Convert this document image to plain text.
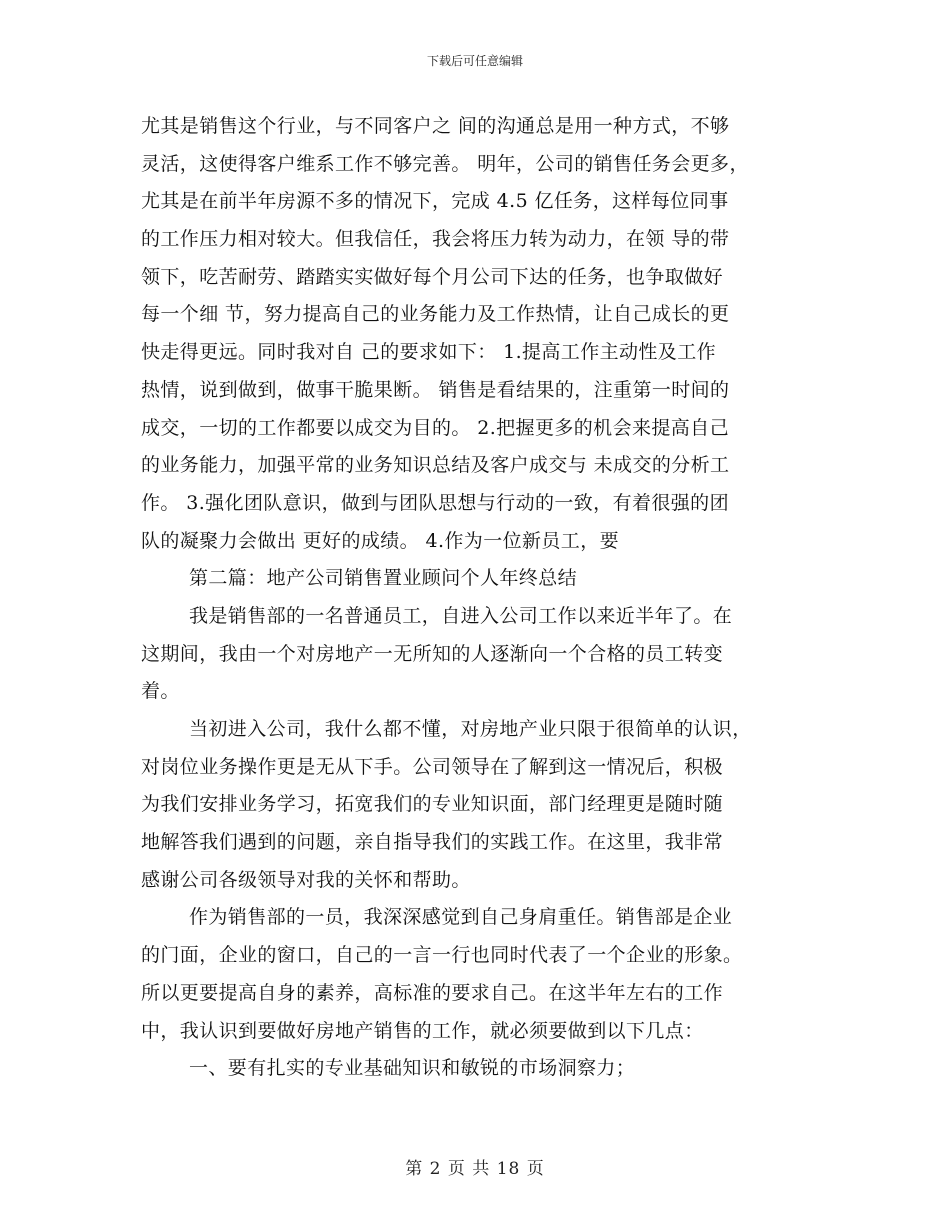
下载后可任意编辑
尤其是销售这个行业，与不同客户之 间的沟通总是用一种方式，不够
灵活，这使得客户维系工作不够完善。 明年，公司的销售任务会更多，
尤其是在前半年房源不多的情况下，完成 4.5 亿任务，这样每位同事
的工作压力相对较大。但我信任，我会将压力转为动力，在领 导的带
领下，吃苦耐劳、踏踏实实做好每个月公司下达的任务，也争取做好
每一个细 节，努力提高自己的业务能力及工作热情，让自己成长的更
快走得更远。同时我对自 己的要求如下： 1.提高工作主动性及工作
热情，说到做到，做事干脆果断。 销售是看结果的，注重第一时间的
成交，一切的工作都要以成交为目的。 2.把握更多的机会来提高自己
的业务能力，加强平常的业务知识总结及客户成交与 未成交的分析工
作。 3.强化团队意识，做到与团队思想与行动的一致，有着很强的团
队的凝聚力会做出 更好的成绩。 4.作为一位新员工，要
第二篇：地产公司销售置业顾问个人年终总结
我是销售部的一名普通员工，自进入公司工作以来近半年了。在
这期间，我由一个对房地产一无所知的人逐渐向一个合格的员工转变
着。
当初进入公司，我什么都不懂，对房地产业只限于很简单的认识，
对岗位业务操作更是无从下手。公司领导在了解到这一情况后，积极
为我们安排业务学习，拓宽我们的专业知识面，部门经理更是随时随
地解答我们遇到的问题，亲自指导我们的实践工作。在这里，我非常
感谢公司各级领导对我的关怀和帮助。
作为销售部的一员，我深深感觉到自己身肩重任。销售部是企业
的门面，企业的窗口，自己的一言一行也同时代表了一个企业的形象。
所以更要提高自身的素养，高标准的要求自己。在这半年左右的工作
中，我认识到要做好房地产销售的工作，就必须要做到以下几点：
一、要有扎实的专业基础知识和敏锐的市场洞察力；
第 2 页 共 18 页
